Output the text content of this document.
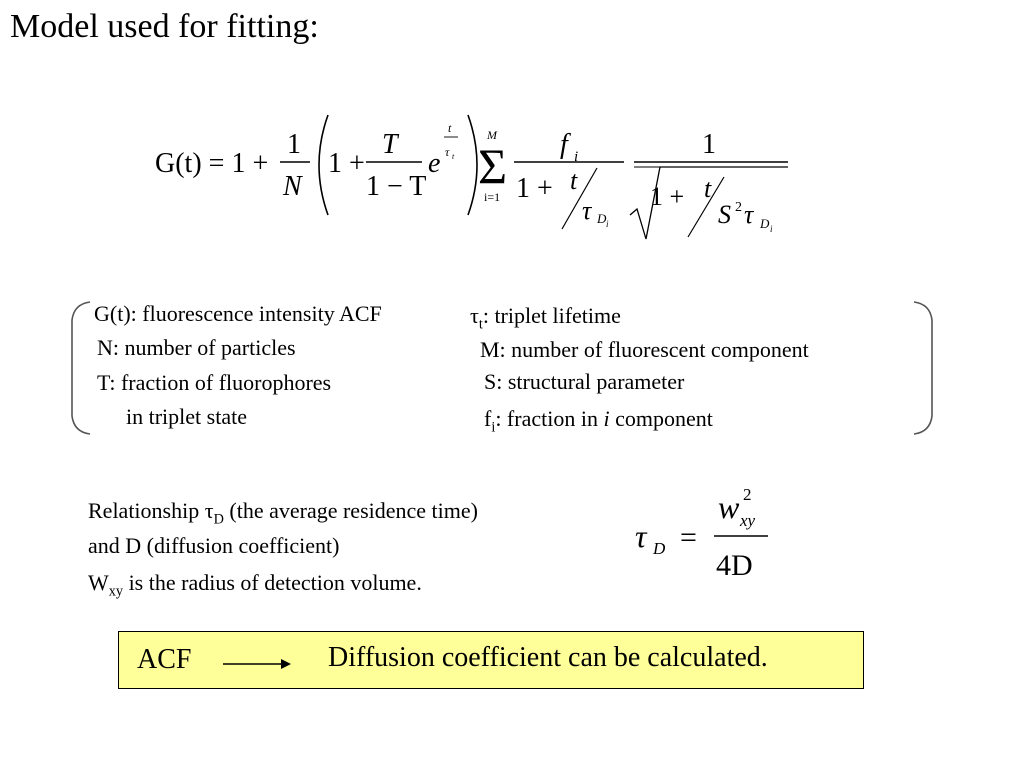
Model used for fitting:
G(t) = 1 +
1
N
1 +
T
1 − T
e
t
τ t
M
Σ
i=1
f i
1 + t
τ D i
1
1 + t
S 2 τ D i
G(t): fluorescence intensity ACF	$\tau_t$: triplet lifetime
N: number of particles	M: number of fluorescent component
T: fraction of fluorophores	S: structural parameter
in triplet state	$f_i$: fraction in i component
Relationship $\tau_D$ (the average residence time)
and D (diffusion coefficient)
$W_{xy}$ is the radius of detection volume.
τ D =
w 2
xy
4D
ACF	Diffusion coefficient can be calculated.
